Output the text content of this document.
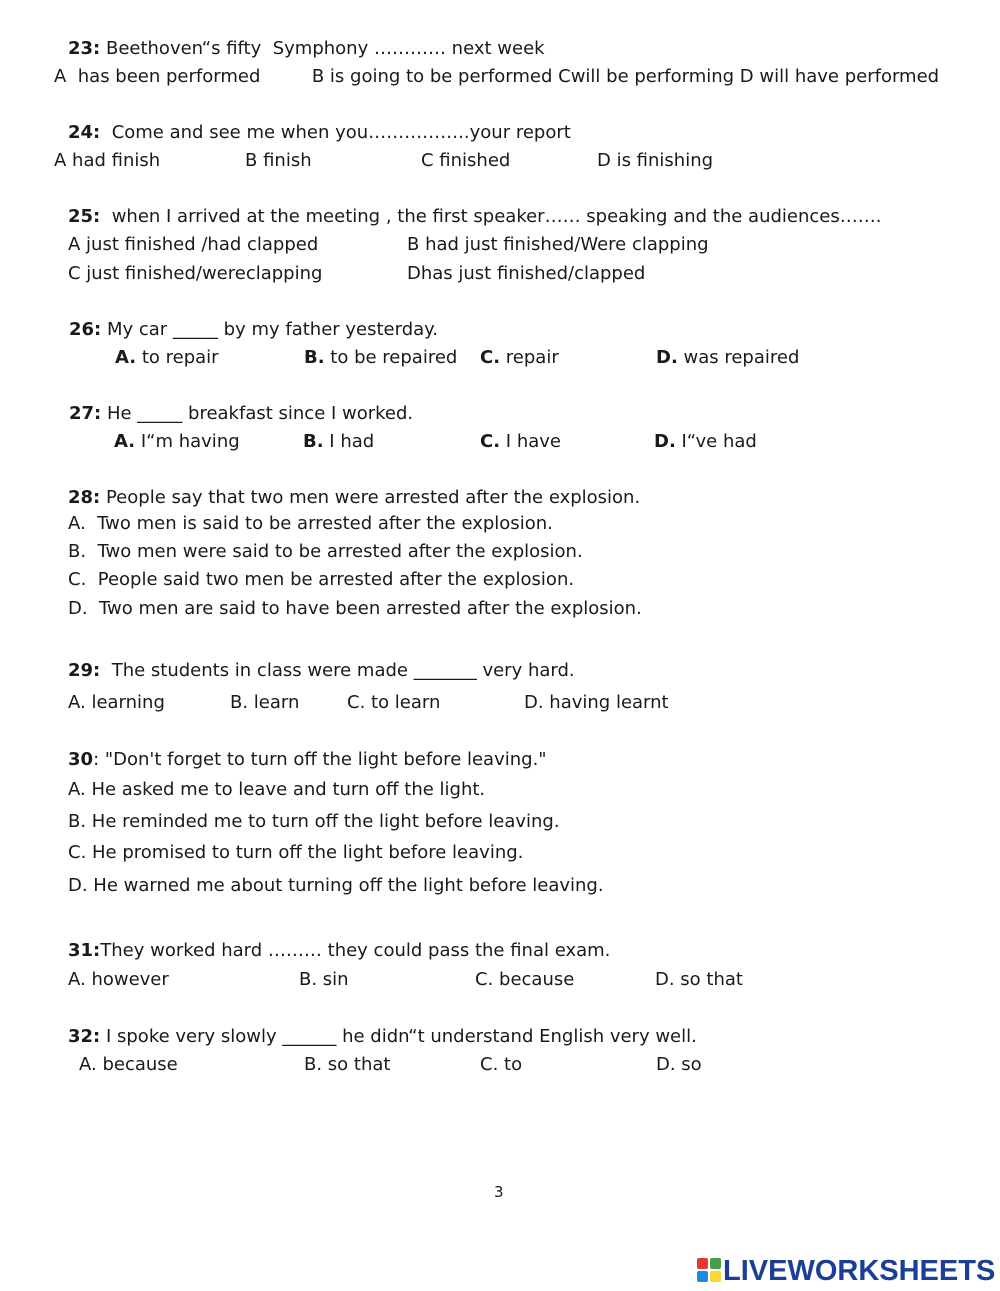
23: Beethoven“s fifty  Symphony ………… next week
A  has been performed         B is going to be performed Cwill be performing D will have performed
24:  Come and see me when you……………..your report
A had finish	B finish	C finished	D is finishing
25:  when I arrived at the meeting , the first speaker…… speaking and the audiences…….
A just finished /had clapped	B had just finished/Were clapping
C just finished/wereclapping	Dhas just finished/clapped
26: My car _____ by my father yesterday.
A. to repair	B. to be repaired C. repair	D. was repaired
27: He _____ breakfast since I worked.
A. I“m having	B. I had	C. I have	D. I“ve had
28: People say that two men were arrested after the explosion.
A.  Two men is said to be arrested after the explosion.
B.  Two men were said to be arrested after the explosion.
C.  People said two men be arrested after the explosion.
D.  Two men are said to have been arrested after the explosion.
29:  The students in class were made _______ very hard.
A. learning	B. learn	C. to learn	D. having learnt
30: "Don't forget to turn off the light before leaving."
A. He asked me to leave and turn off the light.
B. He reminded me to turn off the light before leaving.
C. He promised to turn off the light before leaving.
D. He warned me about turning off the light before leaving.
31:They worked hard ……… they could pass the final exam.
A. however	B. sin	C. because	D. so that
32: I spoke very slowly ______ he didn“t understand English very well.
A. because	B. so that	C. to	D. so
3
LIVEWORKSHEETS
